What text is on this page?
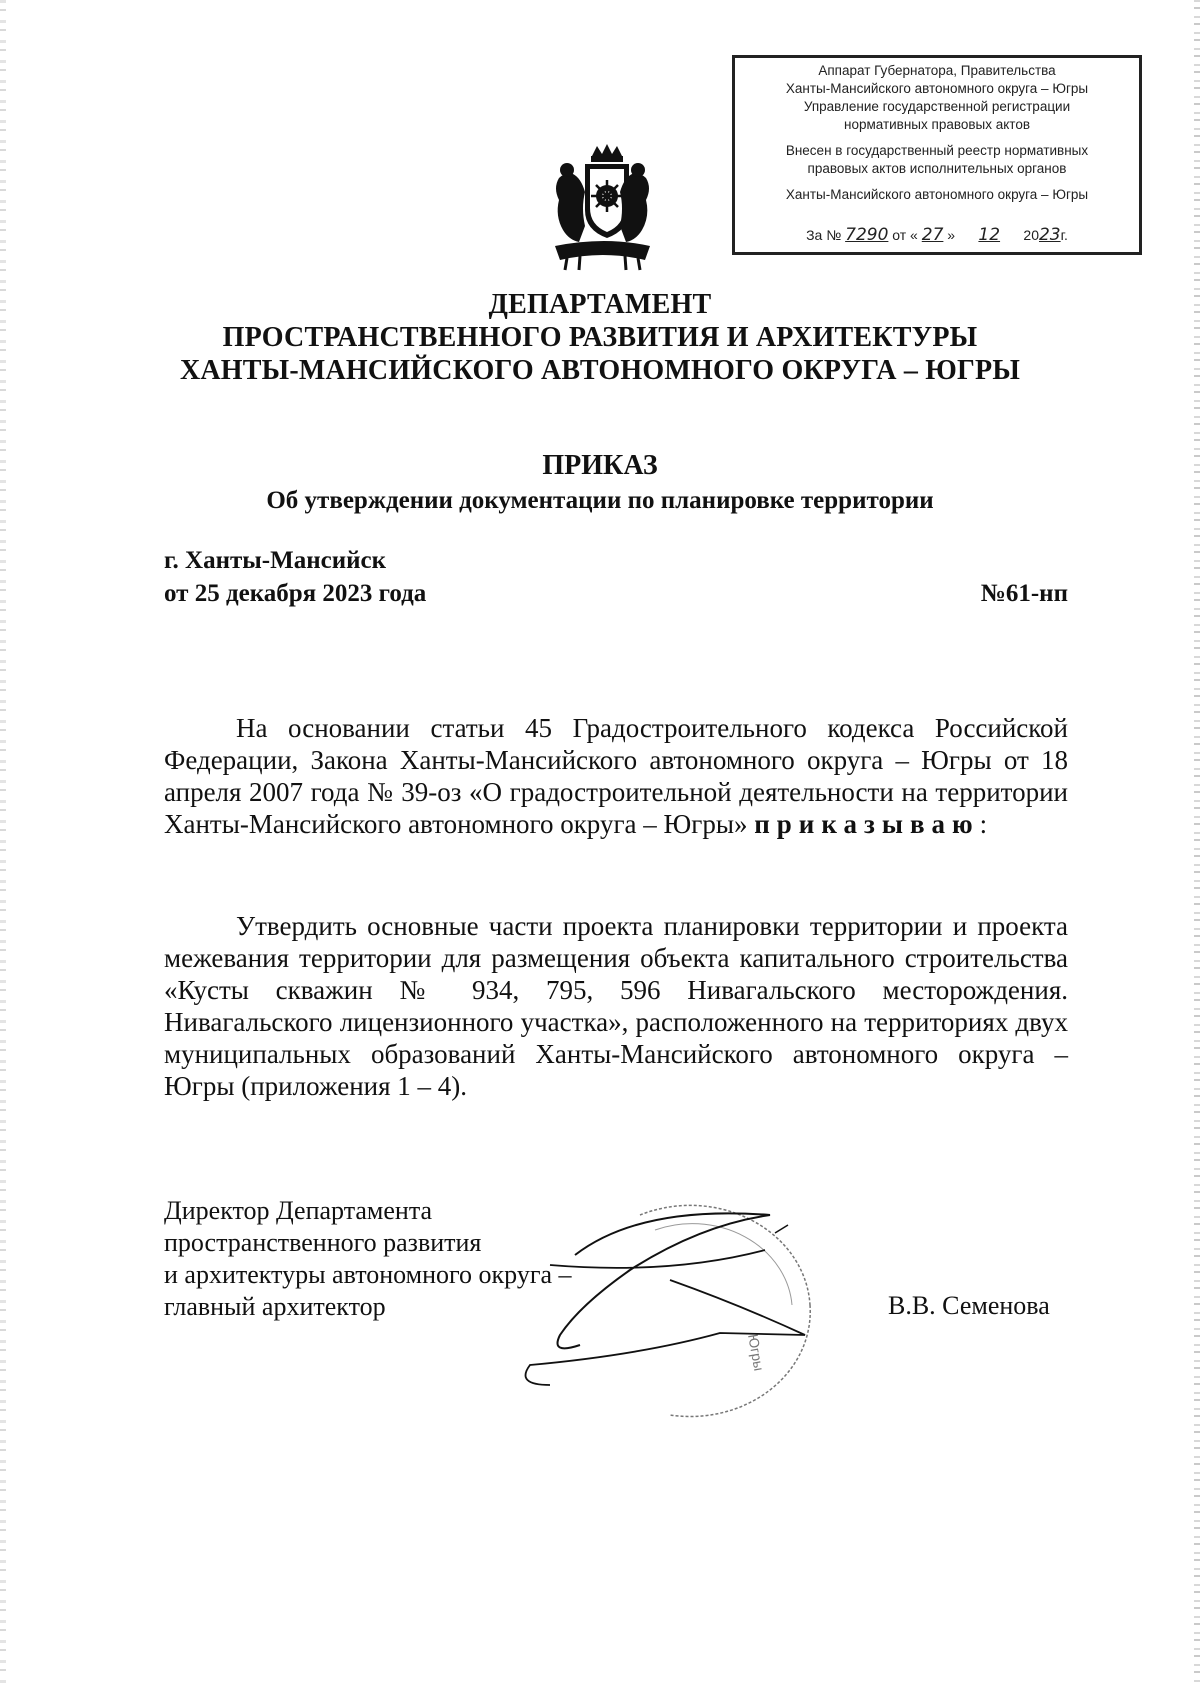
Аппарат Губернатора, Правительства
Ханты-Мансийского автономного округа – Югры
Управление государственной регистрации
нормативных правовых актов
Внесен в государственный реестр нормативных
правовых актов исполнительных органов
Ханты-Мансийского автономного округа – Югры
За № 7290 от « 27 » 12 2023г.
ДЕПАРТАМЕНТ
ПРОСТРАНСТВЕННОГО РАЗВИТИЯ И АРХИТЕКТУРЫ
ХАНТЫ-МАНСИЙСКОГО АВТОНОМНОГО ОКРУГА – ЮГРЫ
ПРИКАЗ
Об утверждении документации по планировке территории
г. Ханты-Мансийск
от 25 декабря 2023 года	№61-нп
На основании статьи 45 Градостроительного кодекса Российской Федерации, Закона Ханты-Мансийского автономного округа – Югры от 18 апреля 2007 года № 39-оз «О градостроительной деятельности на территории Ханты-Мансийского автономного округа – Югры» приказываю:
Утвердить основные части проекта планировки территории и проекта межевания территории для размещения объекта капитального строительства «Кусты скважин № 934, 795, 596 Нивагальского месторождения. Нивагальского лицензионного участка», расположенного на территориях двух муниципальных образований Ханты-Мансийского автономного округа – Югры (приложения 1 – 4).
Директор Департамента
пространственного развития
и архитектуры автономного округа –
главный архитектор	В.В. Семенова
Югры
